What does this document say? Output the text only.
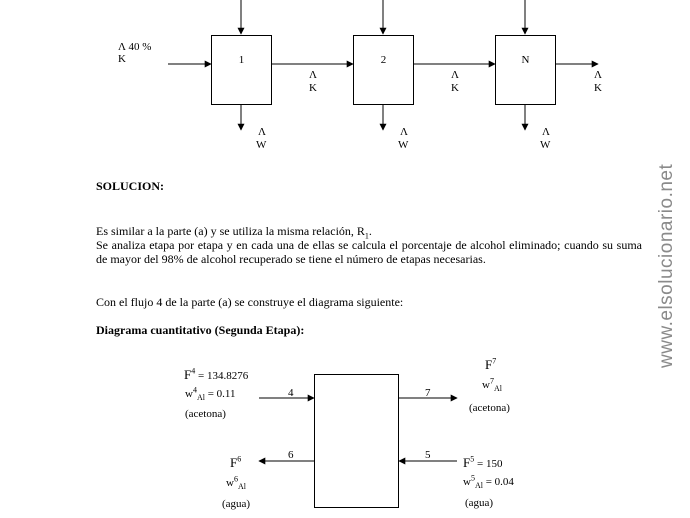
Λ 40 %
K	1	2	N
Λ
K
Λ
K
Λ
K
Λ
W
Λ
W
Λ
W
SOLUCION:
Es similar a la parte (a) y se utiliza la misma relación, $R_1$.
Se analiza etapa por etapa y en cada una de ellas se calcula el porcentaje de alcohol eliminado; cuando su suma de mayor del 98% de alcohol recuperado se tiene el número de etapas necesarias.
Con el flujo 4 de la parte (a) se construye el diagrama siguiente:
Diagrama cuantitativo (Segunda Etapa):
$F^4 = 134.8276$
$w^4_{Al} = 0.11$
(acetona)
4
$F^7$
$w^7_{Al}$
(acetona)
7
$F^6$
$w^6_{Al}$
(agua)
6	$F^5 = 150$
$w^5_{Al} = 0.04$
(agua)
5
www.elsolucionario.net
